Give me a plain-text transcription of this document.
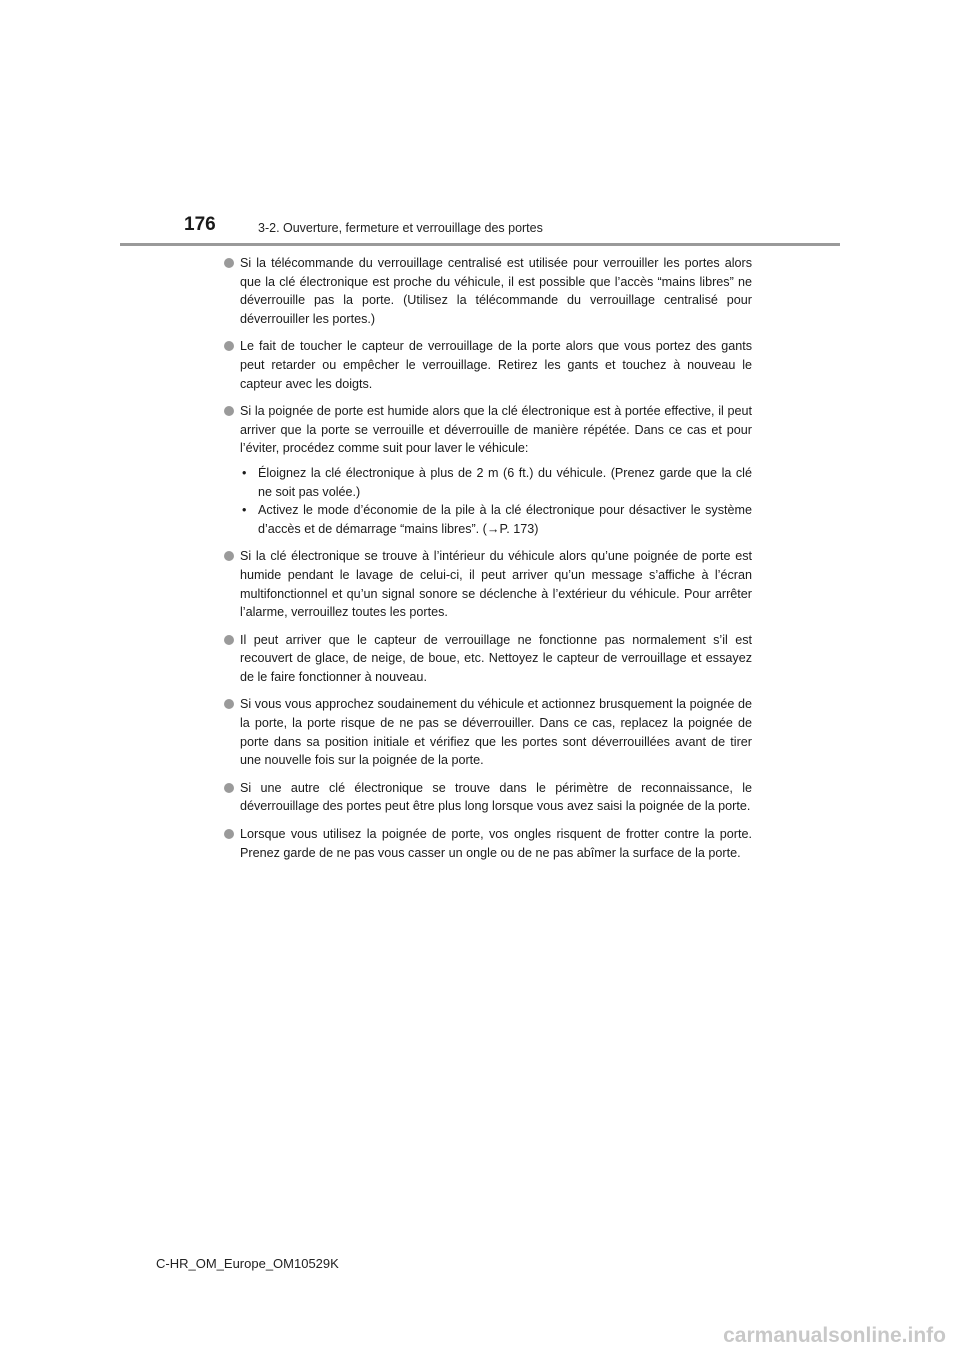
176	3-2. Ouverture, fermeture et verrouillage des portes
Si la télécommande du verrouillage centralisé est utilisée pour verrouiller les portes alors que la clé électronique est proche du véhicule, il est possible que l’accès “mains libres” ne déverrouille pas la porte. (Utilisez la télécommande du verrouillage centralisé pour déverrouiller les portes.)
Le fait de toucher le capteur de verrouillage de la porte alors que vous portez des gants peut retarder ou empêcher le verrouillage. Retirez les gants et touchez à nouveau le capteur avec les doigts.
Si la poignée de porte est humide alors que la clé électronique est à portée effective, il peut arriver que la porte se verrouille et déverrouille de manière répétée. Dans ce cas et pour l’éviter, procédez comme suit pour laver le véhicule:
• Éloignez la clé électronique à plus de 2 m (6 ft.) du véhicule. (Prenez garde que la clé ne soit pas volée.)
• Activez le mode d’économie de la pile à la clé électronique pour désactiver le système d’accès et de démarrage “mains libres”. (→P. 173)
Si la clé électronique se trouve à l’intérieur du véhicule alors qu’une poignée de porte est humide pendant le lavage de celui-ci, il peut arriver qu’un message s’affiche à l’écran multifonctionnel et qu’un signal sonore se déclenche à l’extérieur du véhicule. Pour arrêter l’alarme, verrouillez toutes les portes.
Il peut arriver que le capteur de verrouillage ne fonctionne pas normalement s’il est recouvert de glace, de neige, de boue, etc. Nettoyez le capteur de verrouillage et essayez de le faire fonctionner à nouveau.
Si vous vous approchez soudainement du véhicule et actionnez brusquement la poignée de la porte, la porte risque de ne pas se déverrouiller. Dans ce cas, replacez la poignée de porte dans sa position initiale et vérifiez que les portes sont déverrouillées avant de tirer une nouvelle fois sur la poignée de la porte.
Si une autre clé électronique se trouve dans le périmètre de reconnaissance, le déverrouillage des portes peut être plus long lorsque vous avez saisi la poignée de la porte.
Lorsque vous utilisez la poignée de porte, vos ongles risquent de frotter contre la porte. Prenez garde de ne pas vous casser un ongle ou de ne pas abîmer la surface de la porte.
C-HR_OM_Europe_OM10529K
carmanualsonline.info
